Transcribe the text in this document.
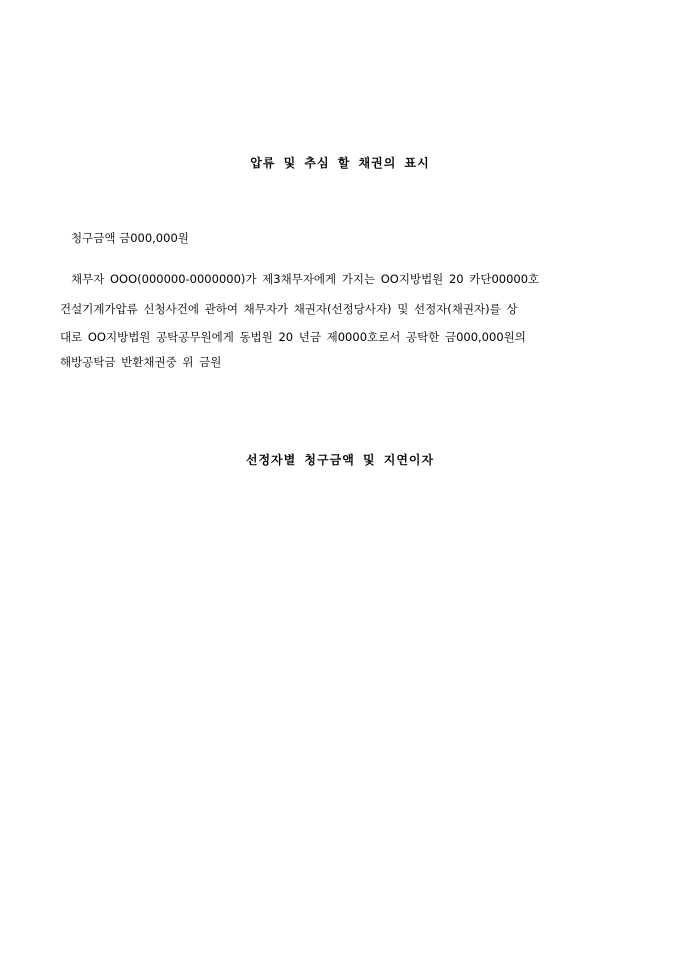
압류 및 추심 할 채권의 표시
청구금액 금000,000원
채무자 OOO(000000-0000000)가 제3채무자에게 가지는 OO지방법원 20 카단00000호
건설기계가압류 신청사건에 관하여 채무자가 채권자(선정당사자) 및 선정자(채권자)를 상
대로 OO지방법원 공탁공무원에게 동법원 20 년금 제0000호로서 공탁한 금000,000원의
해방공탁금 반환채권중 위 금원
선정자별 청구금액 및 지연이자
